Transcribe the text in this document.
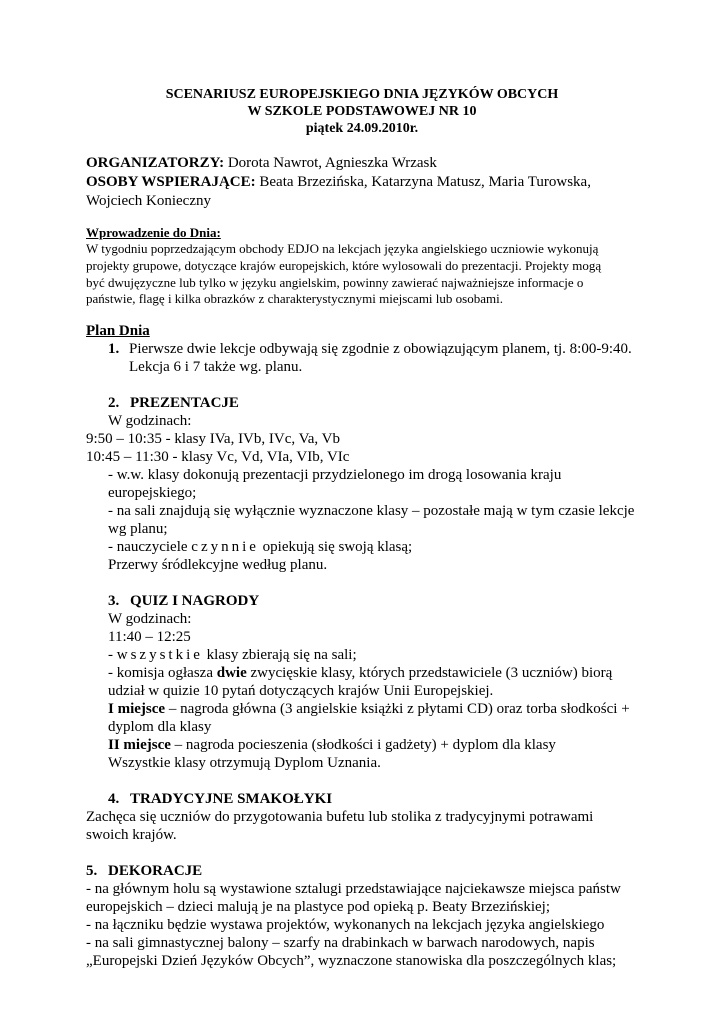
SCENARIUSZ EUROPEJSKIEGO DNIA JĘZYKÓW OBCYCH
W SZKOLE PODSTAWOWEJ NR 10
piątek 24.09.2010r.
ORGANIZATORZY: Dorota Nawrot, Agnieszka Wrzask
OSOBY WSPIERAJĄCE: Beata Brzezińska, Katarzyna Matusz, Maria Turowska,
Wojciech Konieczny
Wprowadzenie do Dnia:
W tygodniu poprzedzającym obchody EDJO na lekcjach języka angielskiego uczniowie wykonują
projekty grupowe, dotyczące krajów europejskich, które wylosowali do prezentacji. Projekty mogą
być dwujęzyczne lub tylko w języku angielskim, powinny zawierać najważniejsze informacje o
państwie, flagę i kilka obrazków z charakterystycznymi miejscami lub osobami.
Plan Dnia
1. Pierwsze dwie lekcje odbywają się zgodnie z obowiązującym planem, tj. 8:00-9:40.
Lekcja 6 i 7 także wg. planu.
2. PREZENTACJE
W godzinach:
9:50 – 10:35 - klasy IVa, IVb, IVc, Va, Vb
10:45 – 11:30 - klasy Vc, Vd, VIa, VIb, VIc
- w.w. klasy dokonują prezentacji przydzielonego im drogą losowania kraju
europejskiego;
- na sali znajdują się wyłącznie wyznaczone klasy – pozostałe mają w tym czasie lekcje
wg planu;
- nauczyciele czynnie opiekują się swoją klasą;
Przerwy śródlekcyjne według planu.
3. QUIZ I NAGRODY
W godzinach:
11:40 – 12:25
- wszystkie klasy zbierają się na sali;
- komisja ogłasza dwie zwycięskie klasy, których przedstawiciele (3 uczniów) biorą
udział w quizie 10 pytań dotyczących krajów Unii Europejskiej.
I miejsce – nagroda główna (3 angielskie książki z płytami CD) oraz torba słodkości +
dyplom dla klasy
II miejsce – nagroda pocieszenia (słodkości i gadżety) + dyplom dla klasy
Wszystkie klasy otrzymują Dyplom Uznania.
4. TRADYCYJNE SMAKOŁYKI
Zachęca się uczniów do przygotowania bufetu lub stolika z tradycyjnymi potrawami
swoich krajów.
5. DEKORACJE
- na głównym holu są wystawione sztalugi przedstawiające najciekawsze miejsca państw
europejskich – dzieci malują je na plastyce pod opieką p. Beaty Brzezińskiej;
- na łączniku będzie wystawa projektów, wykonanych na lekcjach języka angielskiego
- na sali gimnastycznej balony – szarfy na drabinkach w barwach narodowych, napis
„Europejski Dzień Języków Obcych”, wyznaczone stanowiska dla poszczególnych klas;
